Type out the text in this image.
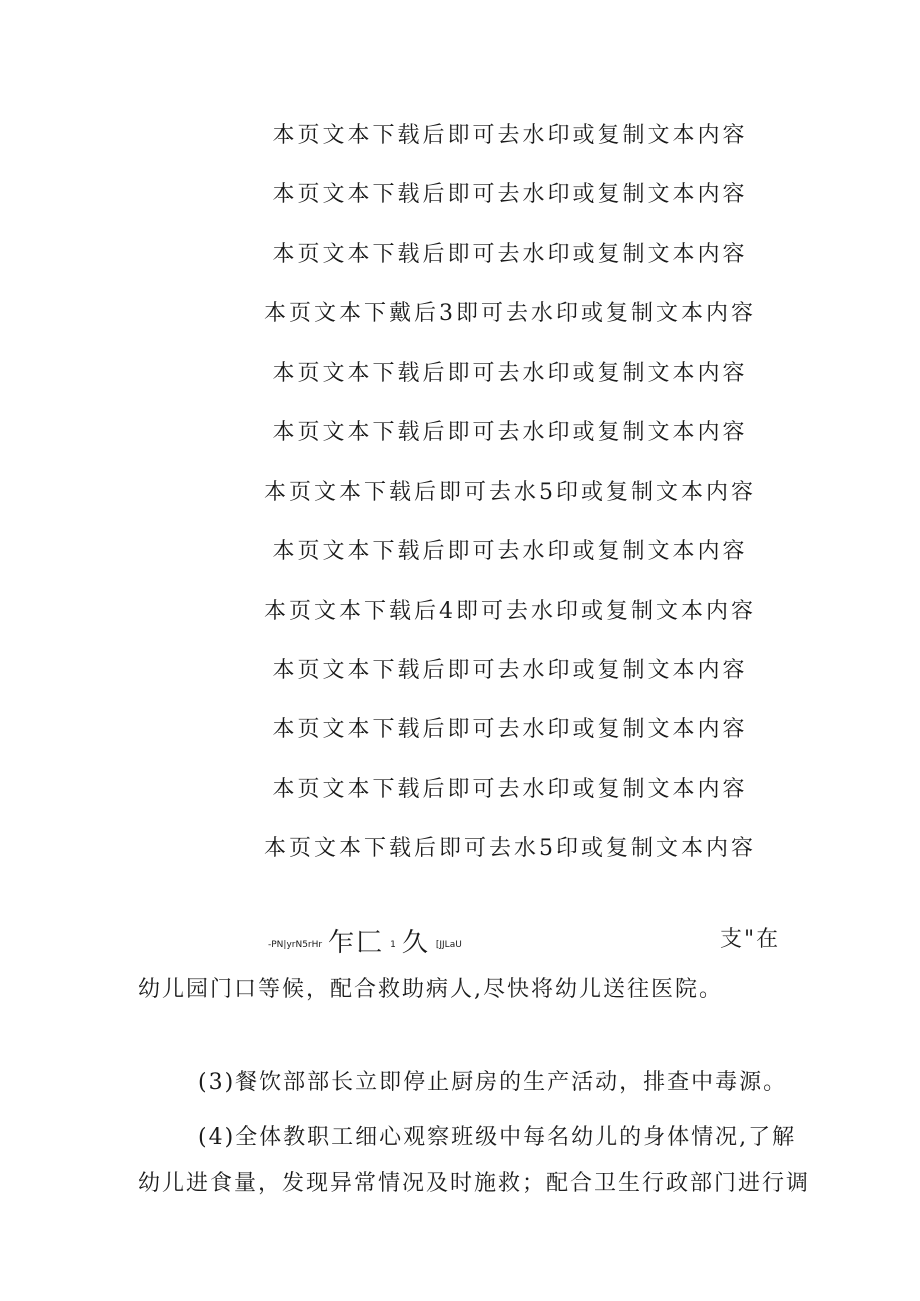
本页文本下载后即可去水印或复制文本内容
本页文本下载后即可去水印或复制文本内容
本页文本下载后即可去水印或复制文本内容
本页文本下戴后3即可去水印或复制文本内容
本页文本下载后即可去水印或复制文本内容
本页文本下载后即可去水印或复制文本内容
本页文本下载后即可去水5印或复制文本内容
本页文本下载后即可去水印或复制文本内容
本页文本下载后4即可去水印或复制文本内容
本页文本下载后即可去水印或复制文本内容
本页文本下载后即可去水印或复制文本内容
本页文本下载后即可去水印或复制文本内容
本页文本下载后即可去水5印或复制文本内容
-PN|yrN5rHr 乍匚 1 久 [JJLaU	支"在
幼儿园门口等候，配合救助病人,尽快将幼儿送往医院。
(3)餐饮部部长立即停止厨房的生产活动，排查中毒源。
(4)全体教职工细心观察班级中每名幼儿的身体情况,了解
幼儿进食量，发现异常情况及时施救；配合卫生行政部门进行调
